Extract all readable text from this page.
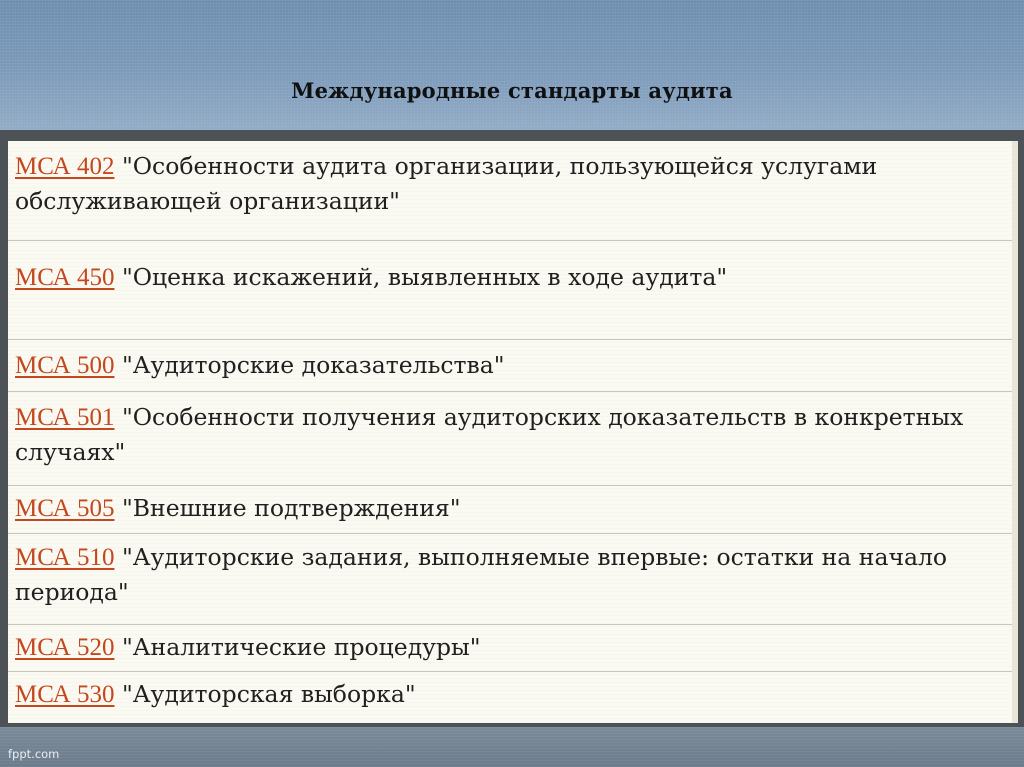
Международные стандарты аудита
МСА 402 "Особенности аудита организации, пользующейся услугами обслуживающей организации"
МСА 450 "Оценка искажений, выявленных в ходе аудита"
МСА 500 "Аудиторские доказательства"
МСА 501 "Особенности получения аудиторских доказательств в конкретных случаях"
МСА 505 "Внешние подтверждения"
МСА 510 "Аудиторские задания, выполняемые впервые: остатки на начало периода"
МСА 520 "Аналитические процедуры"
МСА 530 "Аудиторская выборка"
fppt.com
